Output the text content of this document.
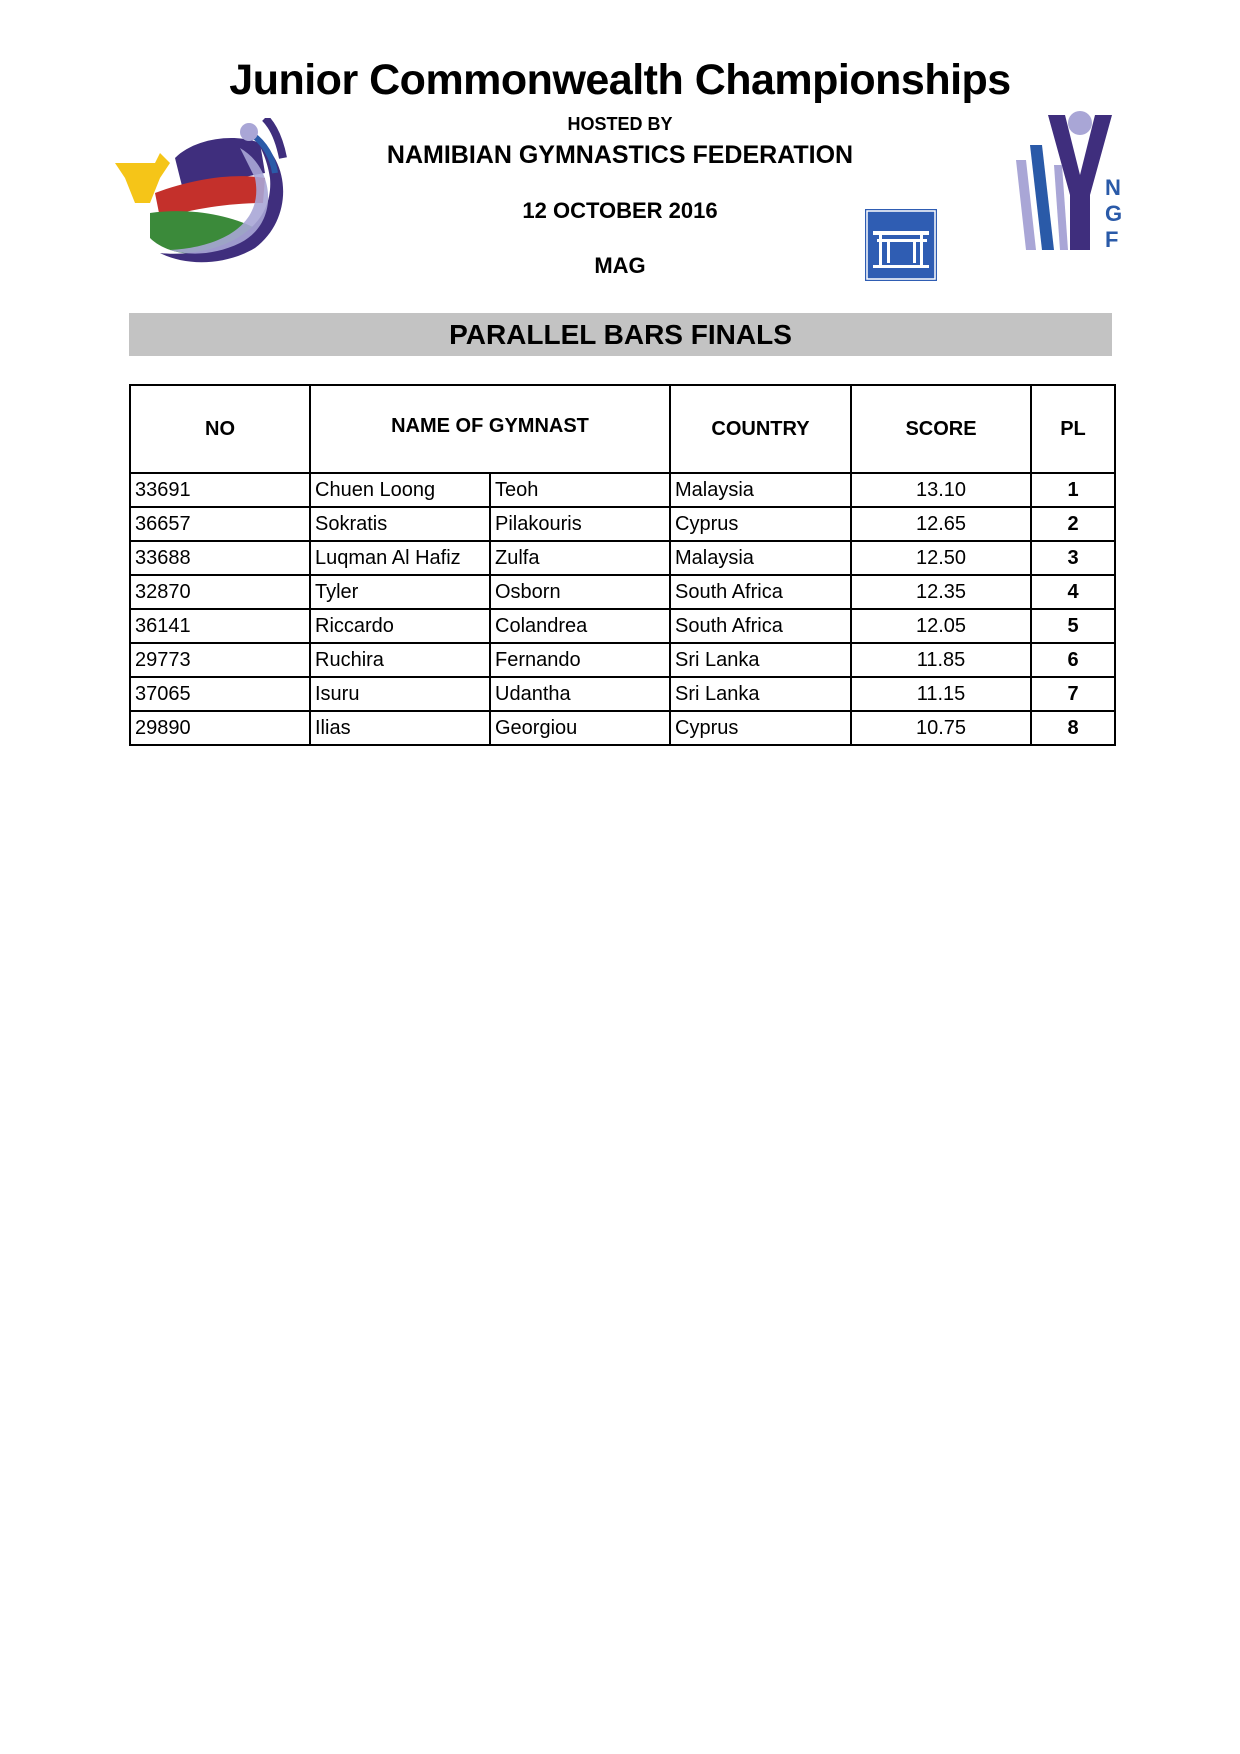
N
G
F
Junior Commonwealth Championships
HOSTED BY
NAMIBIAN GYMNASTICS FEDERATION
12 OCTOBER 2016
MAG
PARALLEL BARS FINALS
NO	NAME OF GYMNAST		COUNTRY	SCORE	PL
33691	Chuen Loong	Teoh	Malaysia	13.10	1
36657	Sokratis	Pilakouris	Cyprus	12.65	2
33688	Luqman Al Hafiz	Zulfa	Malaysia	12.50	3
32870	Tyler	Osborn	South Africa	12.35	4
36141	Riccardo	Colandrea	South Africa	12.05	5
29773	Ruchira	Fernando	Sri Lanka	11.85	6
37065	Isuru	Udantha	Sri Lanka	11.15	7
29890	Ilias	Georgiou	Cyprus	10.75	8
